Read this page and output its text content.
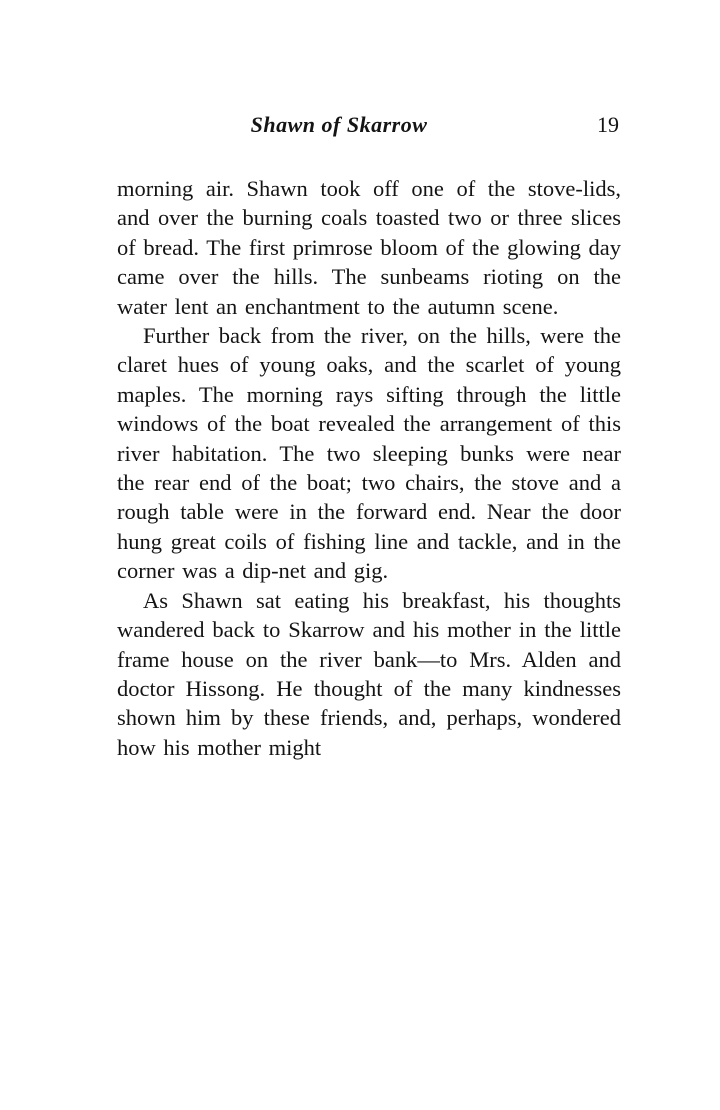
Shawn of Skarrow	19

morning air. Shawn took off one of the stove-lids, and over the burning coals toasted two or three slices of bread. The first primrose bloom of the glowing day came over the hills. The sunbeams rioting on the water lent an enchantment to the autumn scene.

Further back from the river, on the hills, were the claret hues of young oaks, and the scarlet of young maples. The morning rays sifting through the little windows of the boat revealed the arrangement of this river habitation. The two sleeping bunks were near the rear end of the boat; two chairs, the stove and a rough table were in the forward end. Near the door hung great coils of fishing line and tackle, and in the corner was a dip-net and gig.

As Shawn sat eating his breakfast, his thoughts wandered back to Skarrow and his mother in the little frame house on the river bank—to Mrs. Alden and doctor Hissong. He thought of the many kindnesses shown him by these friends, and, perhaps, wondered how his mother might
